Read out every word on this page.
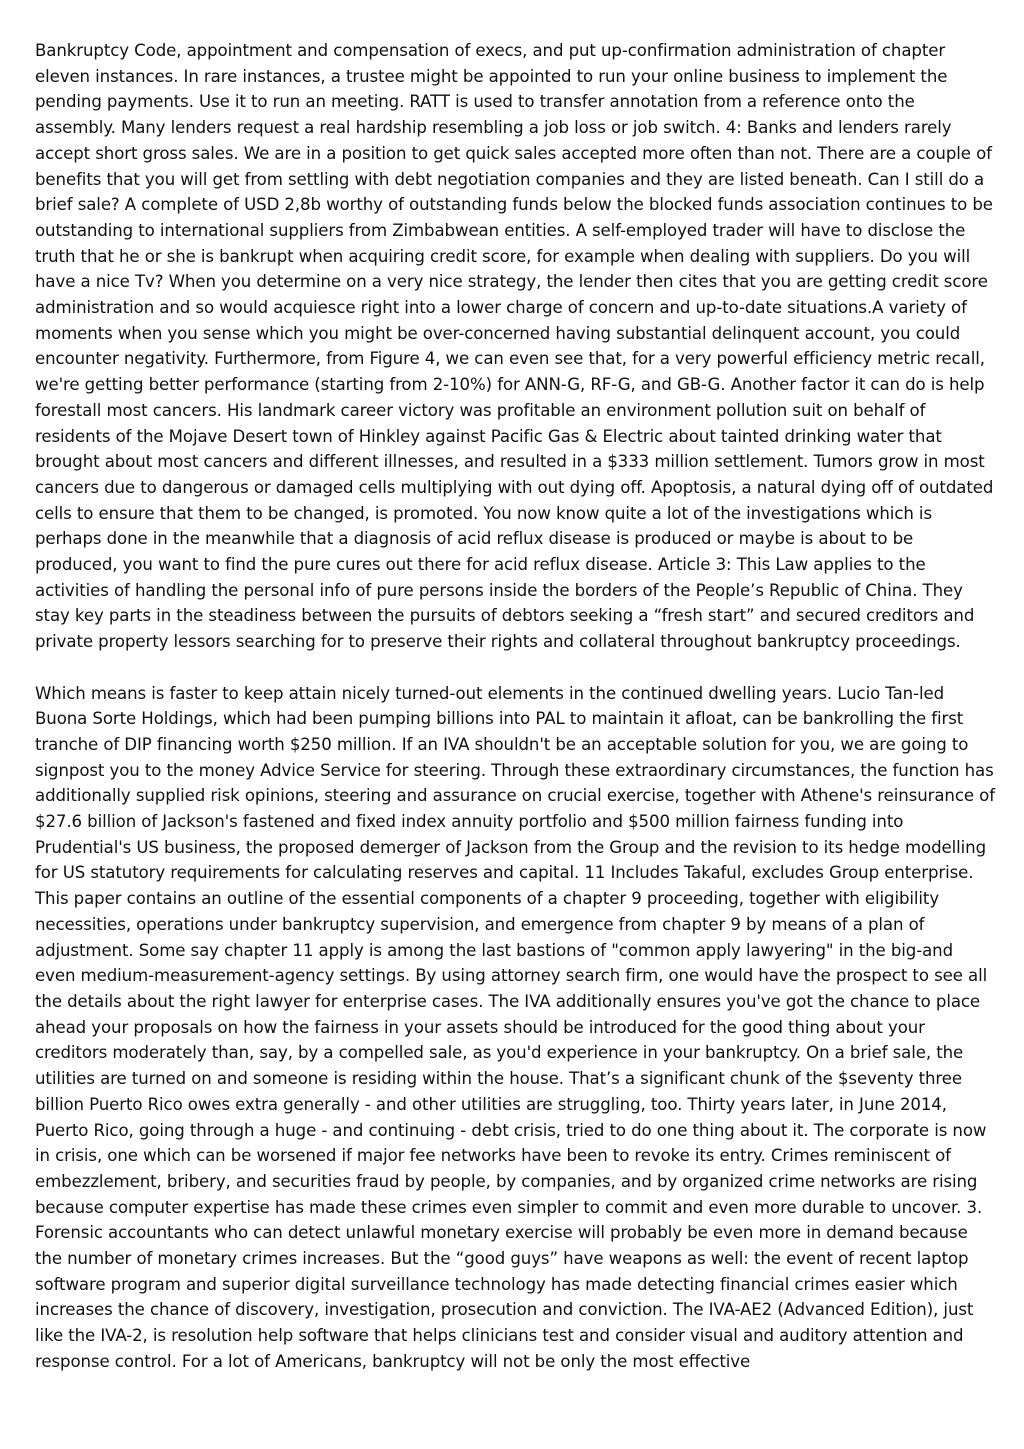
Bankruptcy Code, appointment and compensation of execs, and put up-confirmation administration of chapter eleven instances. In rare instances, a trustee might be appointed to run your online business to implement the pending payments. Use it to run an meeting. RATT is used to transfer annotation from a reference onto the assembly. Many lenders request a real hardship resembling a job loss or job switch. 4: Banks and lenders rarely accept short gross sales. We are in a position to get quick sales accepted more often than not. There are a couple of benefits that you will get from settling with debt negotiation companies and they are listed beneath. Can I still do a brief sale? A complete of USD 2,8b worthy of outstanding funds below the blocked funds association continues to be outstanding to international suppliers from Zimbabwean entities. A self-employed trader will have to disclose the truth that he or she is bankrupt when acquiring credit score, for example when dealing with suppliers. Do you will have a nice Tv? When you determine on a very nice strategy, the lender then cites that you are getting credit score administration and so would acquiesce right into a lower charge of concern and up-to-date situations.A variety of moments when you sense which you might be over-concerned having substantial delinquent account, you could encounter negativity. Furthermore, from Figure 4, we can even see that, for a very powerful efficiency metric recall, we're getting better performance (starting from 2-10%) for ANN-G, RF-G, and GB-G. Another factor it can do is help forestall most cancers. His landmark career victory was profitable an environment pollution suit on behalf of residents of the Mojave Desert town of Hinkley against Pacific Gas & Electric about tainted drinking water that brought about most cancers and different illnesses, and resulted in a $333 million settlement. Tumors grow in most cancers due to dangerous or damaged cells multiplying with out dying off. Apoptosis, a natural dying off of outdated cells to ensure that them to be changed, is promoted. You now know quite a lot of the investigations which is perhaps done in the meanwhile that a diagnosis of acid reflux disease is produced or maybe is about to be produced, you want to find the pure cures out there for acid reflux disease. Article 3: This Law applies to the activities of handling the personal info of pure persons inside the borders of the People’s Republic of China. They stay key parts in the steadiness between the pursuits of debtors seeking a “fresh start” and secured creditors and private property lessors searching for to preserve their rights and collateral throughout bankruptcy proceedings.

Which means is faster to keep attain nicely turned-out elements in the continued dwelling years. Lucio Tan-led Buona Sorte Holdings, which had been pumping billions into PAL to maintain it afloat, can be bankrolling the first tranche of DIP financing worth $250 million. If an IVA shouldn't be an acceptable solution for you, we are going to signpost you to the money Advice Service for steering. Through these extraordinary circumstances, the function has additionally supplied risk opinions, steering and assurance on crucial exercise, together with Athene's reinsurance of $27.6 billion of Jackson's fastened and fixed index annuity portfolio and $500 million fairness funding into Prudential's US business, the proposed demerger of Jackson from the Group and the revision to its hedge modelling for US statutory requirements for calculating reserves and capital. 11 Includes Takaful, excludes Group enterprise. This paper contains an outline of the essential components of a chapter 9 proceeding, together with eligibility necessities, operations under bankruptcy supervision, and emergence from chapter 9 by means of a plan of adjustment. Some say chapter 11 apply is among the last bastions of "common apply lawyering" in the big-and even medium-measurement-agency settings. By using attorney search firm, one would have the prospect to see all the details about the right lawyer for enterprise cases. The IVA additionally ensures you've got the chance to place ahead your proposals on how the fairness in your assets should be introduced for the good thing about your creditors moderately than, say, by a compelled sale, as you'd experience in your bankruptcy. On a brief sale, the utilities are turned on and someone is residing within the house. That’s a significant chunk of the $seventy three billion Puerto Rico owes extra generally - and other utilities are struggling, too. Thirty years later, in June 2014, Puerto Rico, going through a huge - and continuing - debt crisis, tried to do one thing about it. The corporate is now in crisis, one which can be worsened if major fee networks have been to revoke its entry. Crimes reminiscent of embezzlement, bribery, and securities fraud by people, by companies, and by organized crime networks are rising because computer expertise has made these crimes even simpler to commit and even more durable to uncover. 3. Forensic accountants who can detect unlawful monetary exercise will probably be even more in demand because the number of monetary crimes increases. But the “good guys” have weapons as well: the event of recent laptop software program and superior digital surveillance technology has made detecting financial crimes easier which increases the chance of discovery, investigation, prosecution and conviction. The IVA-AE2 (Advanced Edition), just like the IVA-2, is resolution help software that helps clinicians test and consider visual and auditory attention and response control. For a lot of Americans, bankruptcy will not be only the most effective
